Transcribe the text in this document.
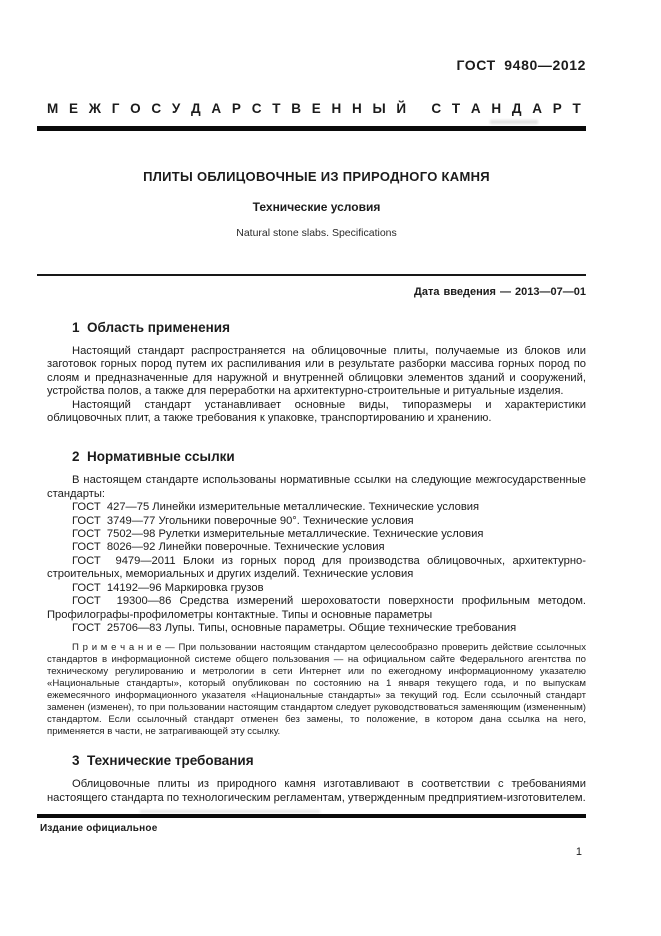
ГОСТ 9480—2012
М Е Ж Г О С У Д А Р С Т В Е Н Н Ы Й
С Т А Н Д А Р Т
ПЛИТЫ ОБЛИЦОВОЧНЫЕ ИЗ ПРИРОДНОГО КАМНЯ
Технические условия
Natural stone slabs. Specifications
Дата введения — 2013—07—01
1  Область применения

Настоящий стандарт распространяется на облицовочные плиты, получаемые из блоков или заготовок горных пород путем их распиливания или в результате разборки массива горных пород по слоям и предназначенные для наружной и внутренней облицовки элементов зданий и сооружений, устройства полов, а также для переработки на архитектурно-строительные и ритуальные изделия.

Настоящий стандарт устанавливает основные виды, типоразмеры и характеристики облицовочных плит, а также требования к упаковке, транспортированию и хранению.

2  Нормативные ссылки

В настоящем стандарте использованы нормативные ссылки на следующие межгосударственные стандарты:

ГОСТ  427—75 Линейки измерительные металлические. Технические условия

ГОСТ  3749—77 Угольники поверочные 90°. Технические условия

ГОСТ  7502—98 Рулетки измерительные металлические. Технические условия

ГОСТ  8026—92 Линейки поверочные. Технические условия

ГОСТ  9479—2011 Блоки из горных пород для производства облицовочных, архитектурно-строительных, мемориальных и других изделий. Технические условия

ГОСТ  14192—96 Маркировка грузов

ГОСТ  19300—86 Средства измерений шероховатости поверхности профильным методом. Профилографы-профилометры контактные. Типы и основные параметры

ГОСТ  25706—83 Лупы. Типы, основные параметры. Общие технические требования

П р и м е ч а н и е — При пользовании настоящим стандартом целесообразно проверить действие ссылочных стандартов в информационной системе общего пользования — на официальном сайте Федерального агентства по техническому регулированию и метрологии в сети Интернет или по ежегодному информационному указателю «Национальные стандарты», который опубликован по состоянию на 1 января текущего года, и по выпускам ежемесячного информационного указателя «Национальные стандарты» за текущий год. Если ссылочный стандарт заменен (изменен), то при пользовании настоящим стандартом следует руководствоваться заменяющим (измененным) стандартом. Если ссылочный стандарт отменен без замены, то положение, в котором дана ссылка на него, применяется в части, не затрагивающей эту ссылку.

3  Технические требования

Облицовочные плиты из природного камня изготавливают в соответствии с требованиями настоящего стандарта по технологическим регламентам, утвержденным предприятием-изготовителем.

Издание официальное
1
